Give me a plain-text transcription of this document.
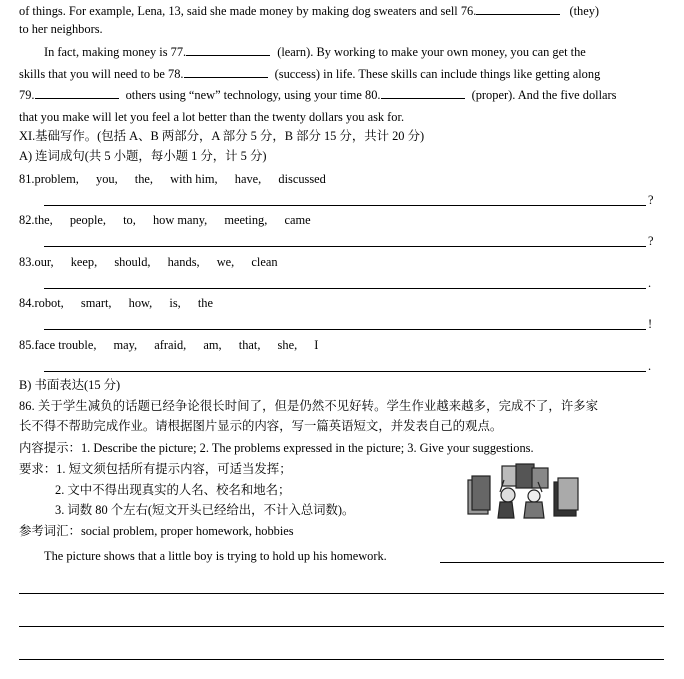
of things. For example, Lena, 13, said she made money by making dog sweaters and sell 76.	(they)
to her neighbors.
In fact, making money is 77.	(learn). By working to make your own money, you can get the
skills that you will need to be 78.	(success) in life. These skills can include things like getting along
79.	others using “new” technology, using your time 80.	(proper). And the five dollars
that you make will let you feel a lot better than the twenty dollars you ask for.
XI.基础写作。(包括 A、B 两部分，A 部分 5 分，B 部分 15 分，共计 20 分)
A) 连词成句(共 5 小题，每小题 1 分，计 5 分)
81.problem, you, the, with him, have, discussed
?
82.the, people, to, how many, meeting, came
?
83.our, keep, should, hands, we, clean
.
84.robot, smart, how, is, the
!
85.face trouble, may, afraid, am, that, she, I
.
B) 书面表达(15 分)
86. 关于学生减负的话题已经争论很长时间了，但是仍然不见好转。学生作业越来越多，完成不了，许多家
长不得不帮助完成作业。请根据图片显示的内容，写一篇英语短文，并发表自己的观点。
内容提示：1. Describe the picture; 2. The problems expressed in the picture; 3. Give your suggestions.
要求：1. 短文须包括所有提示内容，可适当发挥；
2. 文中不得出现真实的人名、校名和地名；
3. 词数 80 个左右(短文开头已经给出，不计入总词数)。
参考词汇：social problem, proper homework, hobbies
The picture shows that a little boy is trying to hold up his homework.
